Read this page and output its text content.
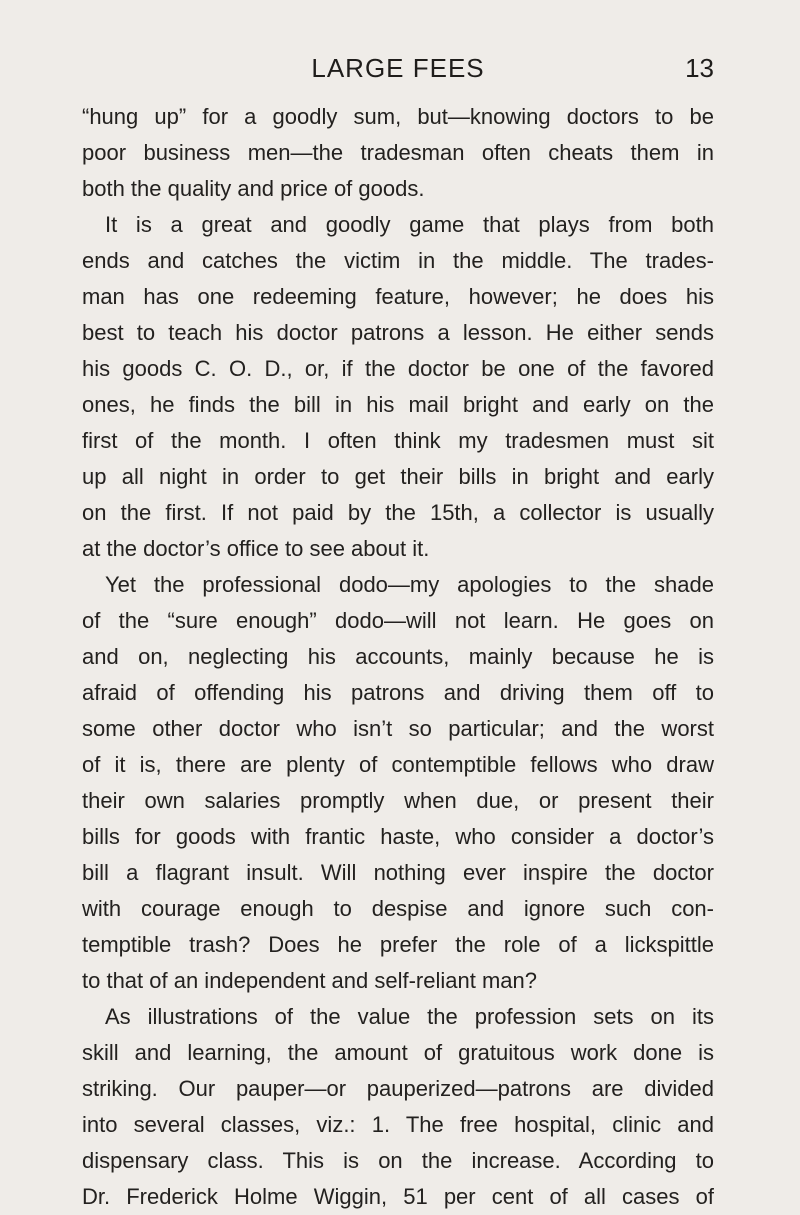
LARGE FEES	13
“hung up” for a goodly sum, but—knowing doctors to be
poor business men—the tradesman often cheats them in
both the quality and price of goods.
It is a great and goodly game that plays from both
ends and catches the victim in the middle. The trades-
man has one redeeming feature, however; he does his
best to teach his doctor patrons a lesson. He either sends
his goods C. O. D., or, if the doctor be one of the favored
ones, he finds the bill in his mail bright and early on the
first of the month. I often think my tradesmen must sit
up all night in order to get their bills in bright and early
on the first. If not paid by the 15th, a collector is usually
at the doctor’s office to see about it.
Yet the professional dodo—my apologies to the shade
of the “sure enough” dodo—will not learn. He goes on
and on, neglecting his accounts, mainly because he is
afraid of offending his patrons and driving them off to
some other doctor who isn’t so particular; and the worst
of it is, there are plenty of contemptible fellows who draw
their own salaries promptly when due, or present their
bills for goods with frantic haste, who consider a doctor’s
bill a flagrant insult. Will nothing ever inspire the doctor
with courage enough to despise and ignore such con-
temptible trash? Does he prefer the role of a lickspittle
to that of an independent and self-reliant man?
As illustrations of the value the profession sets on its
skill and learning, the amount of gratuitous work done is
striking. Our pauper—or pauperized—patrons are divided
into several classes, viz.: 1. The free hospital, clinic and
dispensary class. This is on the increase. According to
Dr. Frederick Holme Wiggin, 51 per cent of all cases of
